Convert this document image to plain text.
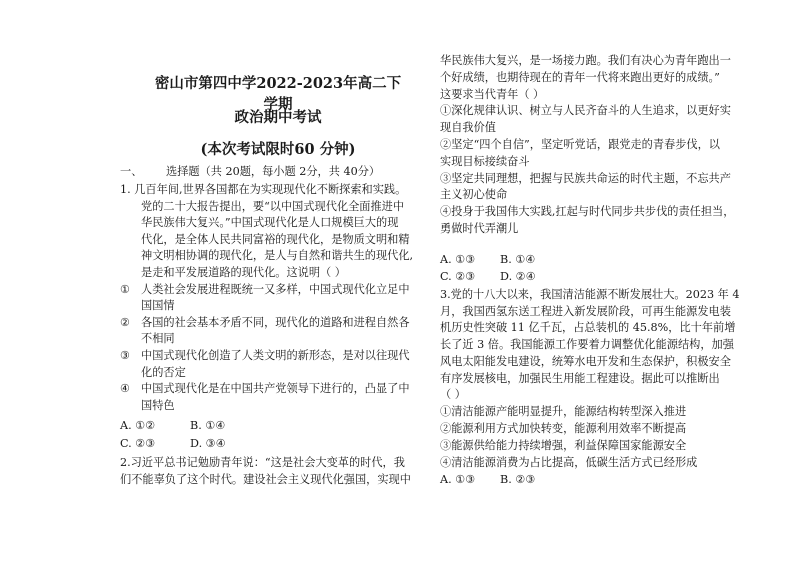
密山市第四中学2022-2023年高二下学期
政治期中考试
(本次考试限时60 分钟)
一、 选择题（共 20题，每小题 2分，共 40分）
1. 几百年间,世界各国都在为实现现代化不断探索和实践。
党的二十大报告提出，要“以中国式现代化全面推进中
华民族伟大复兴。”中国式现代化是人口规模巨大的现
代化，是全体人民共同富裕的现代化，是物质文明和精
神文明相协调的现代化，是人与自然和谐共生的现代化,
是走和平发展道路的现代化。这说明（ ）
① 人类社会发展进程既统一又多样，中国式现代化立足中
国国情
② 各国的社会基本矛盾不同，现代化的道路和进程自然各
不相同
③ 中国式现代化创造了人类文明的新形态，是对以往现代
化的否定
④ 中国式现代化是在中国共产党领导下进行的，凸显了中
国特色
A. ①②	B. ①④
C. ②③	D. ③④
2.习近平总书记勉励青年说：“这是社会大变革的时代，我
们不能辜负了这个时代。建设社会主义现代化强国，实现中
华民族伟大复兴，是一场接力跑。我们有决心为青年跑出一
个好成绩，也期待现在的青年一代将来跑出更好的成绩。”
这要求当代青年（ ）
①深化规律认识、树立与人民齐奋斗的人生追求，以更好实
现自我价值
②坚定“四个自信”，坚定听党话，跟党走的青春步伐，以
实现目标接续奋斗
③坚定共同理想，把握与民族共命运的时代主题，不忘共产
主义初心使命
④投身于我国伟大实践,扛起与时代同步共步伐的责任担当，
勇做时代弄潮儿
A. ①③ B. ①④
C. ②③ D. ②④
3.党的十八大以来，我国清洁能源不断发展壮大。2023 年 4
月，我国西氢东送工程进入新发展阶段，可再生能源发电装
机历史性突破 11 亿千瓦，占总装机的 45.8%，比十年前增
长了近 3 倍。我国能源工作要着力调整优化能源结构，加强
风电太阳能发电建设，统筹水电开发和生态保护，积极安全
有序发展核电，加强民生用能工程建设。据此可以推断出
（ ）
①清洁能源产能明显提升，能源结构转型深入推进
②能源利用方式加快转变，能源利用效率不断提高
③能源供给能力持续增强，利益保障国家能源安全
④清洁能源消费为占比提高，低碳生活方式已经形成
A. ①③ B. ②③
